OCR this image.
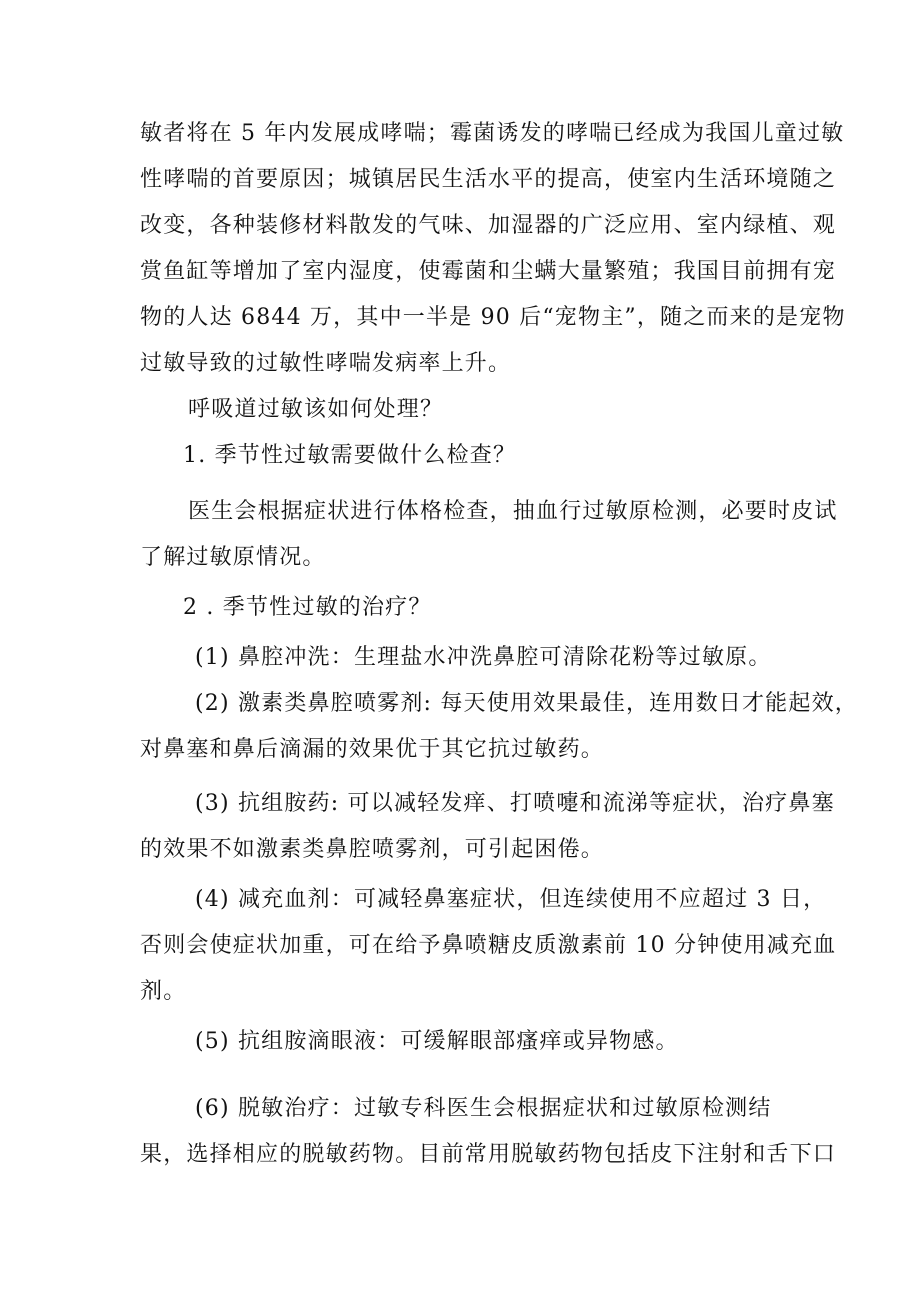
敏者将在 5 年内发展成哮喘；霉菌诱发的哮喘已经成为我国儿童过敏
性哮喘的首要原因；城镇居民生活水平的提高，使室内生活环境随之
改变，各种装修材料散发的气味、加湿器的广泛应用、室内绿植、观
赏鱼缸等增加了室内湿度，使霉菌和尘螨大量繁殖；我国目前拥有宠
物的人达 6844 万，其中一半是 90 后“宠物主”，随之而来的是宠物
过敏导致的过敏性哮喘发病率上升。
呼吸道过敏该如何处理？
1. 季节性过敏需要做什么检查？
医生会根据症状进行体格检查，抽血行过敏原检测，必要时皮试
了解过敏原情况。
2 . 季节性过敏的治疗？
(1) 鼻腔冲洗：生理盐水冲洗鼻腔可清除花粉等过敏原。
(2) 激素类鼻腔喷雾剂: 每天使用效果最佳，连用数日才能起效，
对鼻塞和鼻后滴漏的效果优于其它抗过敏药。
(3) 抗组胺药: 可以减轻发痒、打喷嚏和流涕等症状，治疗鼻塞
的效果不如激素类鼻腔喷雾剂，可引起困倦。
(4) 减充血剂：可减轻鼻塞症状，但连续使用不应超过 3 日，
否则会使症状加重，可在给予鼻喷糖皮质激素前 10 分钟使用减充血
剂。
(5) 抗组胺滴眼液：可缓解眼部瘙痒或异物感。
(6) 脱敏治疗：过敏专科医生会根据症状和过敏原检测结
果，选择相应的脱敏药物。目前常用脱敏药物包括皮下注射和舌下口
